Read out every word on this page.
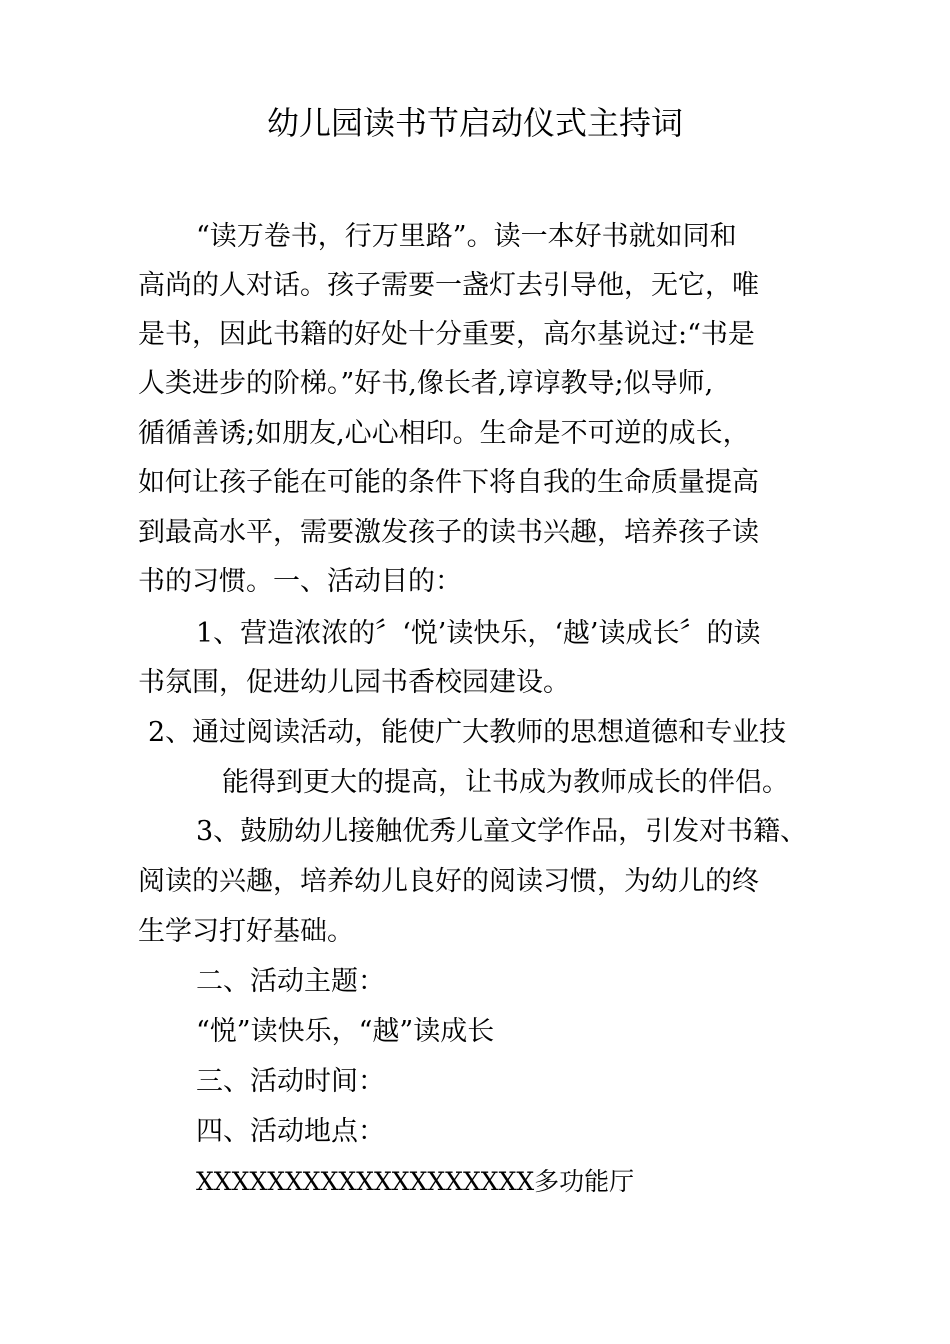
幼儿园读书节启动仪式主持词
“读万卷书，行万里路”。读一本好书就如同和
高尚的人对话。孩子需要一盏灯去引导他，无它，唯
是书，因此书籍的好处十分重要，高尔基说过:“书是
人类进步的阶梯。”好书,像长者,谆谆教导;似导师,
循循善诱;如朋友,心心相印。生命是不可逆的成长，
如何让孩子能在可能的条件下将自我的生命质量提高
到最高水平，需要激发孩子的读书兴趣，培养孩子读
书的习惯。一、活动目的：
1、营造浓浓的〞‘悦’读快乐，‘越’读成长〞的读
书氛围，促进幼儿园书香校园建设。
2、通过阅读活动，能使广大教师的思想道德和专业技
能得到更大的提高，让书成为教师成长的伴侣。
3、鼓励幼儿接触优秀儿童文学作品，引发对书籍、
阅读的兴趣，培养幼儿良好的阅读习惯，为幼儿的终
生学习打好基础。
二、活动主题：
“悦”读快乐，“越”读成长
三、活动时间：
四、活动地点：
XXXXXXXXXXXXXXXXXXX多功能厅
